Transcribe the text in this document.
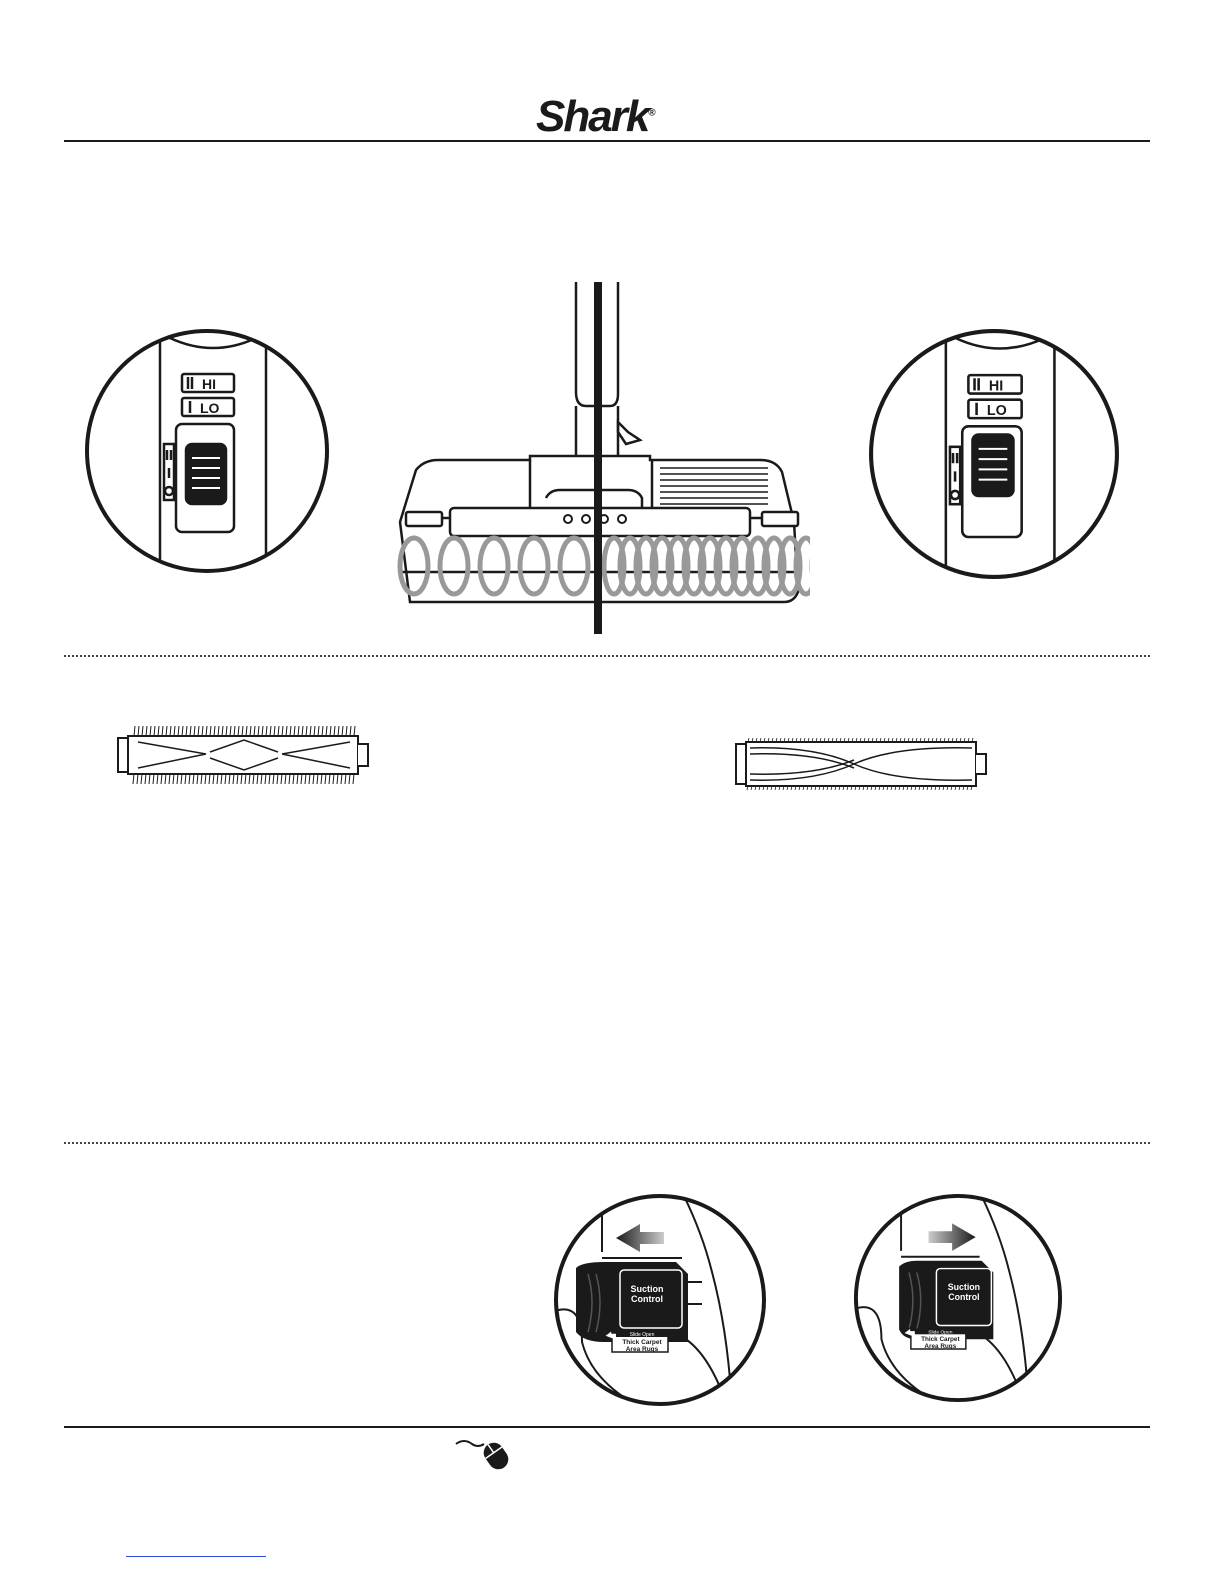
Shark®
HI
LO
HI
LO
Suction
Control
Slide Open
Thick Carpet
Area Rugs
Suction
Control
Slide Open
Thick Carpet
Area Rugs
